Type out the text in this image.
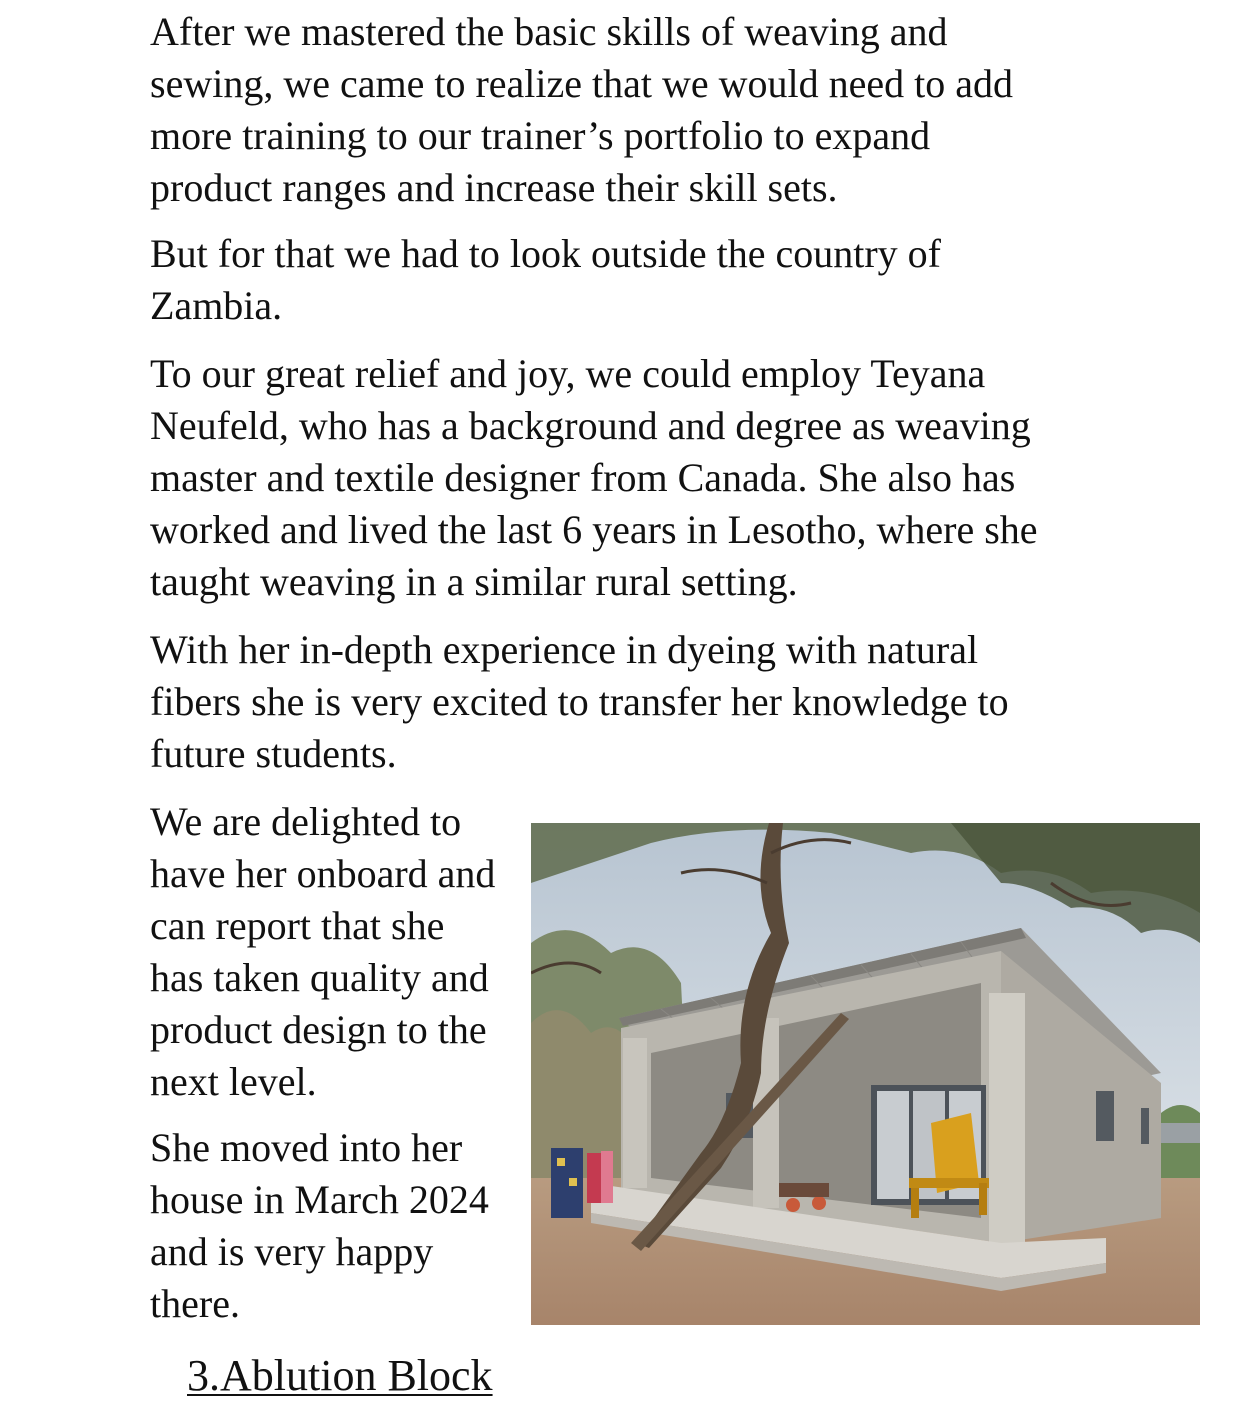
After we mastered the basic skills of weaving and
sewing, we came to realize that we would need to add
more training to our trainer’s portfolio to expand
product ranges and increase their skill sets.

But for that we had to look outside the country of
Zambia.

To our great relief and joy, we could employ Teyana
Neufeld, who has a background and degree as weaving
master and textile designer from Canada. She also has
worked and lived the last 6 years in Lesotho, where she
taught weaving in a similar rural setting.

With her in-depth experience in dyeing with natural
fibers she is very excited to transfer her knowledge to
future students.

We are delighted to
have her onboard and
can report that she
has taken quality and
product design to the
next level.

She moved into her
house in March 2024
and is very happy
there.

3.Ablution Block
